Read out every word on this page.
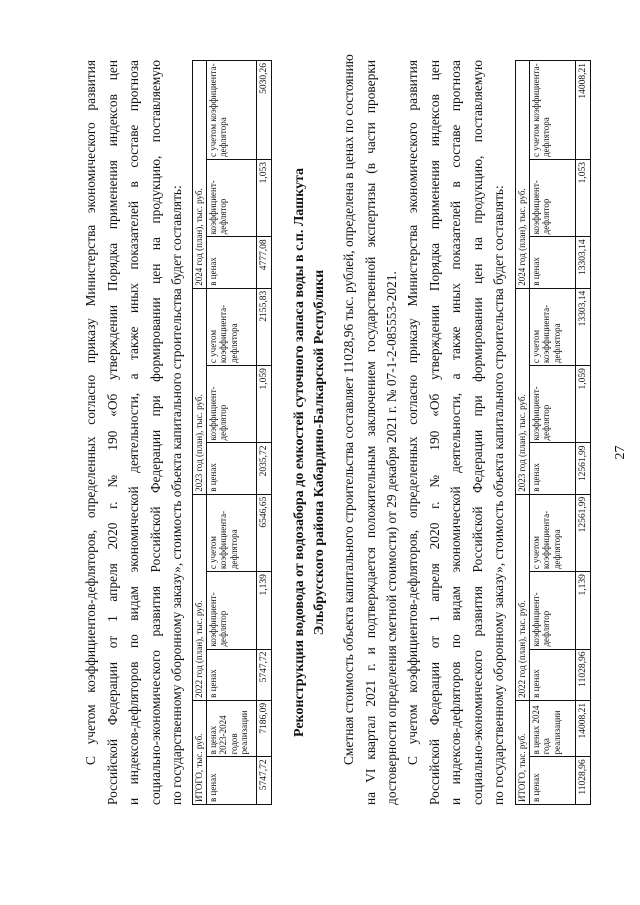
27

С учетом коэффициентов-дефляторов, определенных согласно приказу Министерства экономического развития Российской Федерации от 1 апреля 2020 г. № 190 «Об утверждении Порядка применения индексов цен и индексов-дефляторов по видам экономической деятельности, а также иных показателей в составе прогноза социально-экономического развития Российской Федерации при формировании цен на продукцию, поставляемую по государственному оборонному заказу», стоимость объекта капитального строительства будет составлять:	ИТОГО, тыс. руб.		2022 год (план), тыс. руб.			2023 год (план), тыс. руб.			2024 год (план), тыс. руб.		
в ценах	в ценах 2023-2024 годов реализации	в ценах	коэффициент-дефлятор	с учетом коэффициента-дефлятора	в ценах	коэффициент-дефлятор	с учетом коэффициента-дефлятора	в ценах	коэффициент-дефлятор	с учетом коэффициента-дефлятора
5747,72	7186,09	5747,72	1,139	6546,65	2035,72	1,059	2155,83	4777,08	1,053	5030,26
Реконструкция водовода от водозабора до емкостей суточного запаса воды в с.п. Лашкута Эльбрусского района Кабардино-Балкарской Республики Сметная стоимость объекта капитального строительства составляет 11028,96 тыс. рублей, определена в ценах по состоянию на VI квартал 2021 г. и подтверждается положительным заключением государственной экспертизы (в части проверки достоверности определения сметной стоимости) от 29 декабря 2021 г. № 07-1-2-085553-2021. С учетом коэффициентов-дефляторов, определенных согласно приказу Министерства экономического развития Российской Федерации от 1 апреля 2020 г. № 190 «Об утверждении Порядка применения индексов цен и индексов-дефляторов по видам экономической деятельности, а также иных показателей в составе прогноза социально-экономического развития Российской Федерации при формировании цен на продукцию, поставляемую по государственному оборонному заказу», стоимость объекта капитального строительства будет составлять:	ИТОГО, тыс. руб.		2022 год (план), тыс. руб.			2023 год (план), тыс. руб.			2024 год (план), тыс. руб.		
в ценах	в ценах 2024 года реализации	в ценах	коэффициент-дефлятор	с учетом коэффициента-дефлятора	в ценах	коэффициент-дефлятор	с учетом коэффициента-дефлятора	в ценах	коэффициент-дефлятор	с учетом коэффициента-дефлятора
11028,96	14008,21	11028,96	1,139	12561,99	12561,99	1,059	13303,14	13303,14	1,053	14008,21
